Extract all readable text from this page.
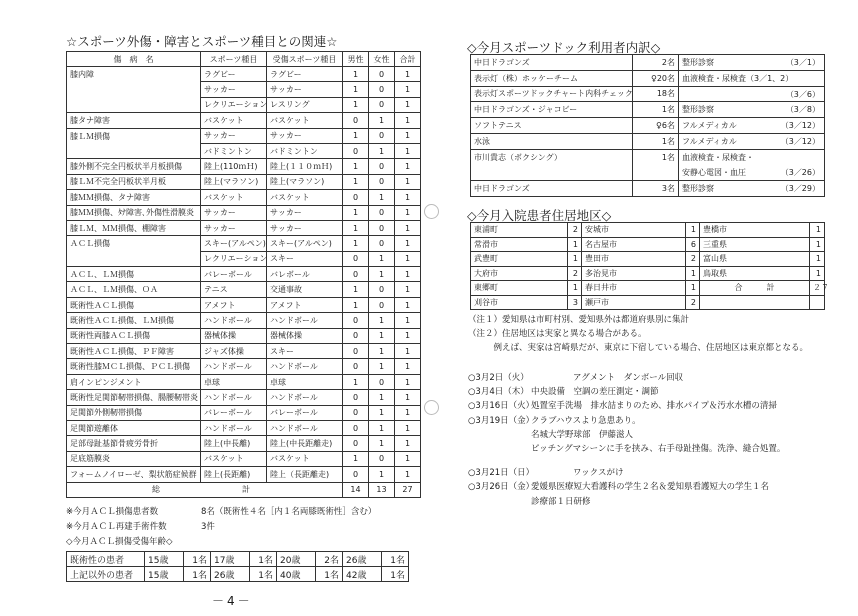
☆スポーツ外傷・障害とスポーツ種目との関連☆
傷　病　名	スポーツ種目	受傷スポーツ種目	男性	女性	合計
膝内障	ラグビー	ラグビー	1	0	1
	サッカー	サッカー	1	0	1
	レクリエーション	レスリング	1	0	1
膝タナ障害	バスケット	バスケット	0	1	1
膝ＬＭ損傷	サッカー	サッカー	1	0	1
	バドミントン	バドミントン	0	1	1
膝外側不完全円板状半月板損傷	陸上(110ｍＨ)	陸上(１１０ｍＨ)	1	0	1
膝ＬＭ不完全円板状半月板	陸上(マラソン)	陸上(マラソン)	1	0	1
膝ＭＭ損傷、タナ障害	バスケット	バスケット	0	1	1
膝ＭＭ損傷、ﾀﾅ障害､外傷性滑膜炎	サッカー	サッカー	1	0	1
膝ＬＭ、ＭＭ損傷、棚障害	サッカー	サッカー	1	0	1
ＡＣＬ損傷	スキー(アルペン)	スキー(アルペン)	1	0	1
	レクリエーション	スキー	0	1	1
ＡＣＬ、ＬＭ損傷	バレーボール	バレボール	0	1	1
ＡＣＬ、ＬＭ損傷、ＯＡ	テニス	交通事故	1	0	1
既術性ＡＣＬ損傷	アメフト	アメフト	1	0	1
既術性ＡＣＬ損傷、ＬＭ損傷	ハンドボール	ハンドボール	0	1	1
既術性両膝ＡＣＬ損傷	器械体操	器械体操	0	1	1
既術性ＡＣＬ損傷、ＰＦ障害	ジャズ体操	スキー	0	1	1
既術性膝ＭＣＬ損傷、ＰＣＬ損傷	ハンドボール	ハンドボール	0	1	1
肩インピンジメント	卓球	卓球	1	0	1
既術性足関節靭帯損傷、腸腰靭帯炎	ハンドボール	ハンドボール	0	1	1
足関節外側靭帯損傷	バレーボール	バレーボール	0	1	1
足関節遊離体	ハンドボール	ハンドボール	0	1	1
足部母趾基節骨疲労骨折	陸上(中長離)	陸上(中長距離走)	0	1	1
足底筋膜炎	バスケット	バスケット	1	0	1
フォームノイローゼ、梨状筋症候群	陸上(長距離)	陸上（長距離走)	0	1	1

総 計			14	13	27
※今月ＡＣＬ損傷患者数	8名（既術性４名［内１名両膝既術性］含む）
※今月ＡＣＬ再建手術件数	3件
◇今月ＡＣＬ損傷受傷年齢◇
既術性の患者	15歳	1名	17歳	1名	20歳	2名	26歳	1名
上記以外の患者	15歳	1名	26歳	1名	40歳	1名	42歳	1名
－4－
◇今月スポーツドック利用者内訳◇
中日ドラゴンズ	2名	整形診察 （3／1）

表示灯（株）ホッケーチーム	♀20名	血液検査・尿検査（3／1、2）

表示灯スポーツドックチャート内科チェック	18名	（3／6）

中日ドラゴンズ・ジャコビー	1名	整形診察 （3／8）

ソフトテニス	♀6名	フルメディカル （3／12）

水泳	1名	フルメディカル （3／12）

市川貴志（ボクシング）	1名	血液検査・尿検査・

		安静心電図・血圧 （3／26）

中日ドラゴンズ	3名	整形診察 （3／29）
◇今月入院患者住居地区◇
東浦町	2	安城市	1	豊橋市	1
常滑市	1	名古屋市	6	三重県	1
武豊町	1	豊田市	2	富山県	1
大府市	2	多治見市	1	鳥取県	1
東郷町	1	春日井市	1	合　　　計	２７
刈谷市	3	瀬戸市	2		
（注１）愛知県は市町村別、愛知県外は都道府県別に集計
（注２）住居地区は実家と異なる場合がある。
　　　例えば、実家は宮崎県だが、東京に下宿している場合、住居地区は東京都となる。
○3月2日（火）	アグメント　ダンボール回収
○3月4日（木） 中央設備　空調の差圧測定・調節
○3月16日（火）
処置室手洗場　排水詰まりのため、排水パイプ＆汚水水槽の清掃
○3月19日（金）
クラブハウスより急患あり。
名城大学野球部　伊藤滋人
ピッチングマシーンに手を挟み、右手母趾挫傷。洗浄、縫合処置。
○3月21日（日）	ワックスがけ
○3月26日（金）
愛媛県医療短大看護科の学生２名＆愛知県看護短大の学生１名
診療部１日研修
